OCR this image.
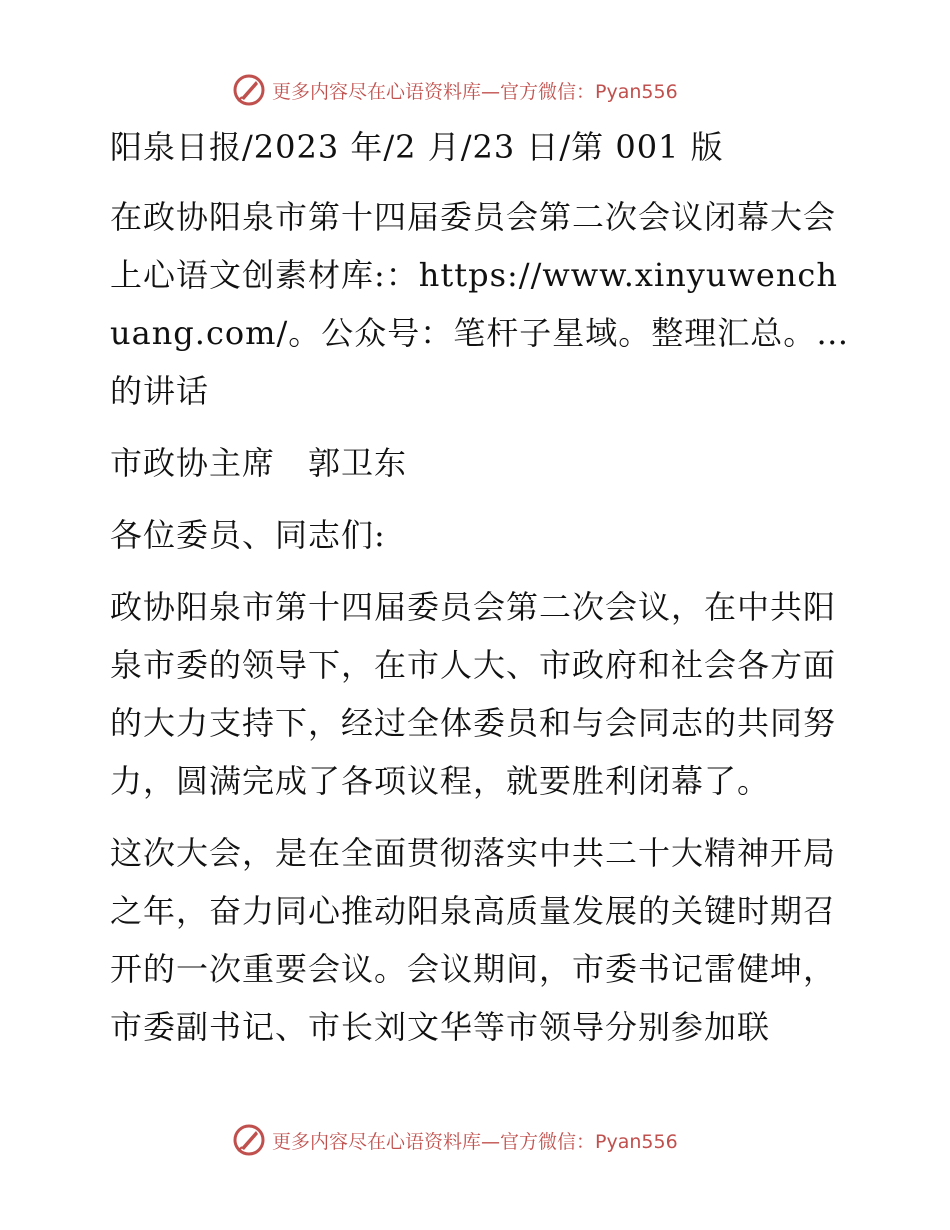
更多内容尽在心语资料库—官方微信：Pyan556

阳泉日报/2023 年/2 月/23 日/第 001 版

在政协阳泉市第十四届委员会第二次会议闭幕大会上心语文创素材库:：https://www.xinyuwenchuang.com/。公众号：笔杆子星域。整理汇总。…的讲话

市政协主席　郭卫东

各位委员、同志们:

政协阳泉市第十四届委员会第二次会议，在中共阳泉市委的领导下，在市人大、市政府和社会各方面的大力支持下，经过全体委员和与会同志的共同努力，圆满完成了各项议程，就要胜利闭幕了。

这次大会，是在全面贯彻落实中共二十大精神开局之年，奋力同心推动阳泉高质量发展的关键时期召开的一次重要会议。会议期间，市委书记雷健坤，市委副书记、市长刘文华等市领导分别参加联

更多内容尽在心语资料库—官方微信：Pyan556
